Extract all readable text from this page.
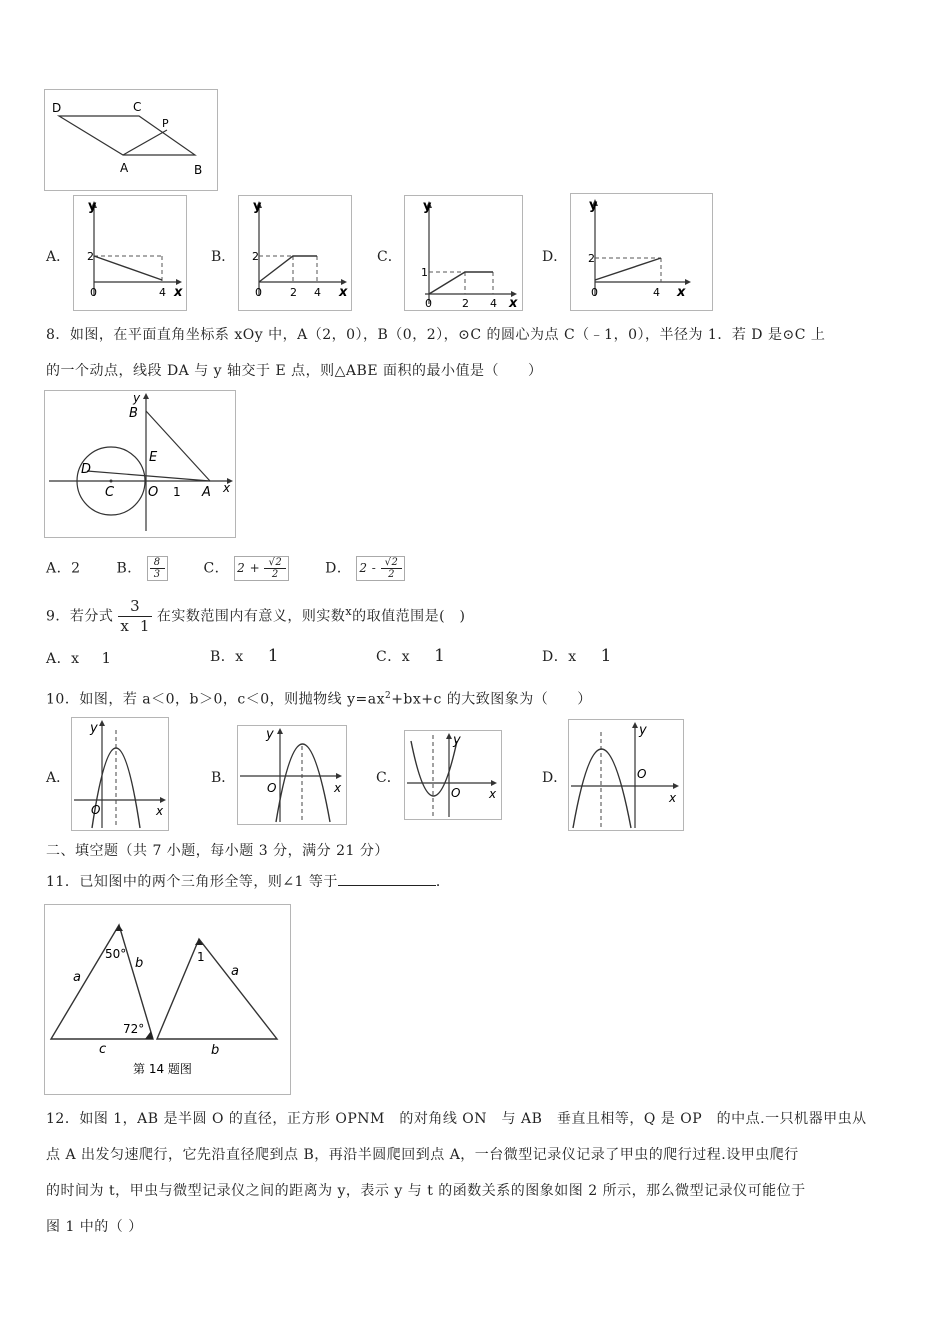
D	C
P
A	B
A．
y
x
0
2
4
B．
y
x
0
2
2 4
C．
y
x
0
1
2 4
D．
y
x
0
2
4
8．如图，在平面直角坐标系 xOy 中，A（2，0），B（0，2），⊙C 的圆心为点 C（﹣1，0），半径为 1．若 D 是⊙C 上
的一个动点，线段 DA 与 y 轴交于 E 点，则△ABE 面积的最小值是（　　）
y
B
D
E
C	O 1 A x
A．2	B． $\frac{8}{3}$	C． $2 + \frac{√2}{2}$	D． $2 - \frac{√2}{2}$
9．若分式 $\frac{3}{x 1}$ 在实数范围内有意义，则实数$^x$的取值范围是(　)
A．x 1	B．x 1	C．x 1	D．x 1
10．如图，若 a＜0，b＞0，c＜0，则抛物线 $y=ax^2+bx+c$ 的大致图象为（　　）
A．
y
x
O
B．
y
x
O
C．
y
x
O
D．
y
x
O
二、填空题（共 7 小题，每小题 3 分，满分 21 分）
11．已知图中的两个三角形全等，则∠1 等于	．
a
b
c
50°
72°
1
a
b
第 14 题图
12．如图 1，AB 是半圆 O 的直径，正方形 OPNM　的对角线 ON　与 AB　垂直且相等，Q 是 OP　的中点.一只机器甲虫从
点 A 出发匀速爬行，它先沿直径爬到点 B，再沿半圆爬回到点 A，一台微型记录仪记录了甲虫的爬行过程.设甲虫爬行
的时间为 t，甲虫与微型记录仪之间的距离为 y，表示 y 与 t 的函数关系的图象如图 2 所示，那么微型记录仪可能位于
图 1 中的（ ）
